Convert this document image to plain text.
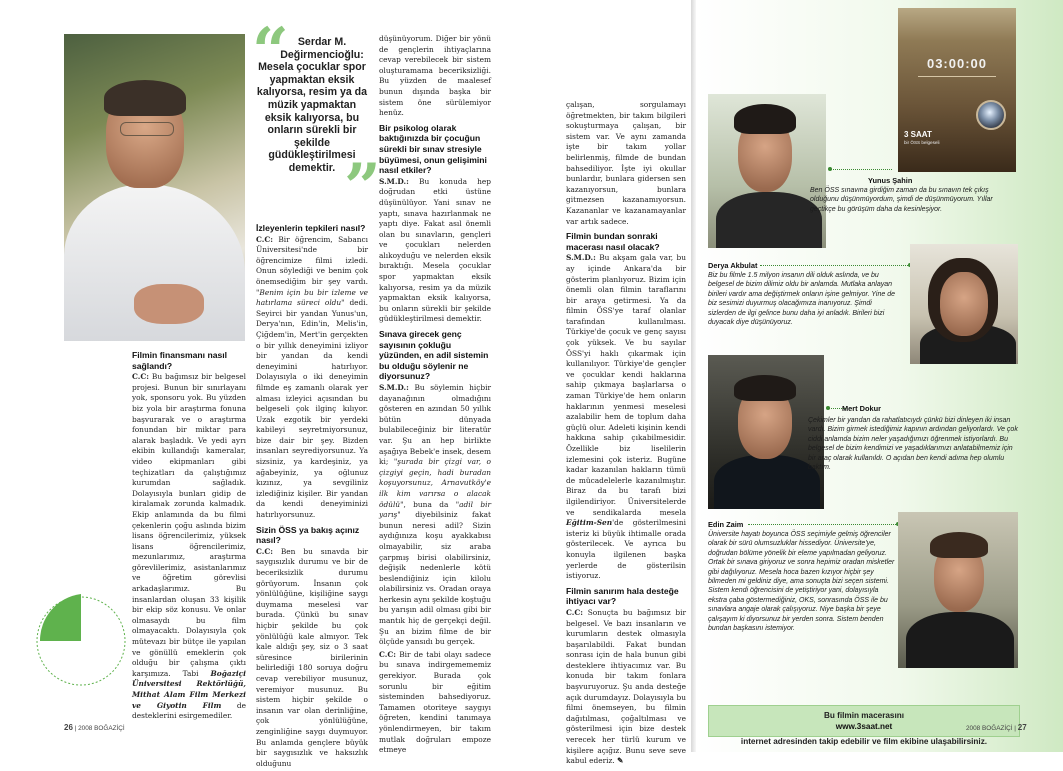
“ Serdar M. Değirmencioğlu:

Mesela çocuklar spor yapmaktan eksik kalıyorsa, resim ya da müzik yapmaktan eksik kalıyorsa, bu onların sürekli bir şekilde güdükleştirilmesi demektir. ”
Filmin finansmanı nasıl sağlandı?

C.C: Bu bağımsız bir belgesel projesi. Bunun bir sınırlayanı yok, sponsoru yok. Bu yüzden biz yola bir araştırma fonuna başvurarak ve o araştırma fonundan bir miktar para alarak başladık. Ve yedi ayrı ekibin kullandığı kameralar, video ekipmanları gibi teçhizatları da çalıştığımız kurumdan sağladık. Dolayısıyla bunları gidip de kiralamak zorunda kalmadık. Ekip anlamında da bu filmi çekenlerin çoğu aslında bizim lisans öğrencilerimiz, yüksek lisans öğrencilerimiz, mezunlarımız, araştırma görevlilerimiz, asistanlarımız ve öğretim görevlisi arkadaşlarımız. Bu insanlardan oluşan 33 kişilik bir ekip söz konusu. Ve onlar olmasaydı bu film olmayacaktı. Dolayısıyla çok mütevazı bir bütçe ile yapılan ve gönüllü emeklerin çok olduğu bir çalışma çıktı karşımıza. Tabi Boğaziçi Üniversitesi Rektörlüğü, Mithat Alam Film Merkezi ve Giyotin Film de desteklerini esirgemediler.

İzleyenlerin tepkileri nasıl?

C.C: Bir öğrencim, Sabancı Üniversitesi'nde bir öğrencimize filmi izledi. Onun söylediği ve benim çok önemsediğim bir şey vardı. "Benim için bu bir izleme ve hatırlama süreci oldu" dedi. Seyirci bir yandan Yunus'un, Derya'nın, Edin'in, Melis'in, Çiğdem'in, Mert'in gerçekten o bir yıllık deneyimini izliyor bir yandan da kendi deneyimini hatırlıyor. Dolayısıyla o iki deneyimin filmde eş zamanlı olarak yer alması izleyici açısından bu belgeseli çok ilginç kılıyor. Uzak ezgotik bir yerdeki kabileyi seyretmiyorsunuz, bize dair bir şey. Bizden insanları seyrediyorsunuz. Ya sizsiniz, ya kardeşiniz, ya ağabeyiniz, ya oğlunuz kızınız, ya sevgiliniz izlediğiniz kişiler. Bir yandan da kendi deneyiminizi hatırlıyorsunuz.

Sizin ÖSS ya bakış açınız nasıl?

C.C: Ben bu sınavda bir saygısızlık durumu ve bir de beceriksizlik durumu görüyorum. İnsanın çok yönlülüğüne, kişiliğine saygı duymama meselesi var burada. Çünkü bu sınav hiçbir şekilde bu çok yönlülüğü kale almıyor. Tek kale aldığı şey, siz o 3 saat süresince birilerinin belirlediği 180 soruya doğru cevap verebiliyor musunuz, veremiyor musunuz. Bu sistem hiçbir şekilde o insanın var olan derinliğine, çok yönlülüğüne, zenginliğine saygı duymuyor. Bu anlamda gençlere büyük bir saygısızlık ve haksızlık olduğunu

düşünüyorum. Diğer bir yönü de gençlerin ihtiyaçlarına cevap verebilecek bir sistem oluşturamama beceriksizliği. Bu yüzden de maalesef bunun dışında başka bir sistem öne sürülemiyor henüz.

Bir psikolog olarak baktığınızda bir çocuğun sürekli bir sınav stresiyle büyümesi, onun gelişimini nasıl etkiler?

S.M.D.: Bu konuda hep doğrudan etki üstüne düşünülüyor. Yani sınav ne yaptı, sınava hazırlanmak ne yaptı diye. Fakat asıl önemli olan bu sınavların, gençleri ve çocukları nelerden alıkoyduğu ve nelerden eksik bıraktığı. Mesela çocuklar spor yapmaktan eksik kalıyorsa, resim ya da müzik yapmaktan eksik kalıyorsa, bu onların sürekli bir şekilde güdükleştirilmesi demektir.

Sınava girecek genç sayısının çokluğu yüzünden, en adil sistemin bu olduğu söylenir ne diyorsunuz?

S.M.D.: Bu söylemin hiçbir dayanağının olmadığını gösteren en azından 50 yıllık bütün dünyada bulabileceğiniz bir literatür var. Şu an hep birlikte aşağıya Bebek'e insek, desem ki; "şurada bir çizgi var, o çizgiyi geçin, hadi buradan koşuyorsunuz, Arnavutköy'e ilk kim varırsa o alacak ödülü", buna da "adil bir yarış" diyebilsiniz fakat bunun neresi adil? Sizin aydığınıza koşu ayakkabısı olmayabilir, siz araba çarpmış birisi olabilirsiniz, değişik nedenlerle kötü beslendiğiniz için kilolu olabilirsiniz vs. Oradan oraya herkesin aynı şekilde koştuğu bu yarışın adil olması gibi bir mantık hiç de gerçekçi değil. Şu an bizim filme de bir ölçüde yansıdı bu gerçek.

C.C: Bir de tabi olayı sadece bu sınava indirgemememiz gerekiyor. Burada çok sorunlu bir eğitim sisteminden bahsediyoruz. Tamamen otoriteye saygıyı öğreten, kendini tanımaya yönlendirmeyen, bir takım mutlak doğruları empoze etmeye

çalışan, sorgulamayı öğretmekten, bir takım bilgileri sokuşturmaya çalışan, bir sistem var. Ve aynı zamanda işte bir takım yollar belirlenmiş, filmde de bundan bahsediliyor. İşte iyi okullar bunlardır, bunlara gidersen sen kazanıyorsun, bunlara gitmezsen kazanamıyorsun. Kazananlar ve kazanamayanlar var artık sadece.

Filmin bundan sonraki macerası nasıl olacak?

S.M.D.: Bu akşam gala var, bu ay içinde Ankara'da bir gösterim planlıyoruz. Bizim için önemli olan filmin taraflarını bir araya getirmesi. Ya da filmin ÖSS'ye taraf olanlar tarafından kullanılması. Türkiye'de çocuk ve genç sayısı çok yüksek. Ve bu sayılar ÖSS'yi haklı çıkarmak için kullanılıyor. Türkiye'de gençler ve çocuklar kendi haklarına sahip çıkmaya başlarlarsa o zaman Türkiye'de hem onların haklarının yenmesi meselesi azalabilir hem de toplum daha güçlü olur. Adeleti kişinin kendi hakkına sahip çıkabilmesidir. Özellikle biz liselilerin izlemesini çok isteriz. Bugüne kadar kazanılan hakların tümü de mücadelelerle kazanılmıştır. Biraz da bu tarafı bizi ilgilendiriyor. Üniversitelerde ve sendikalarda mesela Eğitim-Sen'de gösterilmesini isteriz ki büyük ihtimalle orada gösterilecek. Ve ayrıca bu konuyla ilgilenen başka yerlerde de gösterilsin istiyoruz.

Filmin sanırım hala desteğe ihtiyacı var?

C.C: Sonuçta bu bağımsız bir belgesel. Ve bazı insanların ve kurumların destek olmasıyla başarılabildi. Fakat bundan sonrası için de hala bunun gibi desteklere ihtiyacımız var. Bu konuda bir takım fonlara başvuruyoruz. Şu anda desteğe açık durumdayız. Dolayısıyla bu filmi önemseyen, bu filmin dağıtılması, çoğaltılması ve gösterilmesi için bize destek verecek her türlü kurum ve kişilere açığız. Bunu seve seve kabul ederiz. ✎

26 | 2008 BOĞAZİÇİ
03:00:00
3 SAAT
bir ÖSS belgeseli
Yunus Şahin
Ben ÖSS sınavına girdiğim zaman da bu sınavın tek çıkış olduğunu düşünmüyordum, şimdi de düşünmüyorum. Yıllar geçtikçe bu görüşüm daha da kesinleşiyor.
Derya Akbulat
Biz bu filmle 1.5 milyon insanın dili olduk aslında, ve bu belgesel de bizim dilimiz oldu bir anlamda. Mutlaka anlayan birileri vardır ama değiştirmek onların işine gelmiyor. Yine de biz sesimizi duyurmuş olacağımıza inanıyoruz. Şimdi sizlerden de ilgi gelince bunu daha iyi anladık. Birileri bizi duyacak diye düşünüyoruz.
Mert Dokur
Çekimler bir yandan da rahatlatıcıydı çünkü bizi dinleyen iki insan vardı. Bizim girmek istediğimiz kapının ardından geliyorlardı. Ve çok ciddi anlamda bizim neler yaşadığımızı öğrenmek istiyorlardı. Bu belgesel de bizim kendimizi ve yaşadıklarımızı anlatabilmemiz için bir araç olarak kullanıldı. O açıdan ben kendi adıma hep olumlu baktım.
Edin Zaim
Üniversite hayatı boyunca ÖSS seçimiyle gelmiş öğrenciler olarak bir sürü olumsuzluklar hissediyor. Üniversite'ye, doğrudan bölüme yönelik bir eleme yapılmadan geliyoruz. Ortak bir sınava giriyoruz ve sonra hepimiz oradan misketler gibi dağılıyoruz. Mesela hoca bazen kızıyor hiçbir şey bilmeden mi geldiniz diye, ama sonuçta bizi seçen sistemi. Sistem kendi öğrencisini de yetiştiriyor yani, dolayısıyla ekstra çaba göstermediğiniz, OKS, sonrasında ÖSS ile bu sınavlara angaje olarak çalışıyoruz. Niye başka bir şeye çalışayım ki diyorsunuz bir yerden sonra. Sistem benden bundan başkasını istemiyor.
Bu filmin macerasını
www.3saat.net
internet adresinden takip edebilir ve film ekibine ulaşabilirsiniz.
2008 BOĞAZİÇİ | 27
